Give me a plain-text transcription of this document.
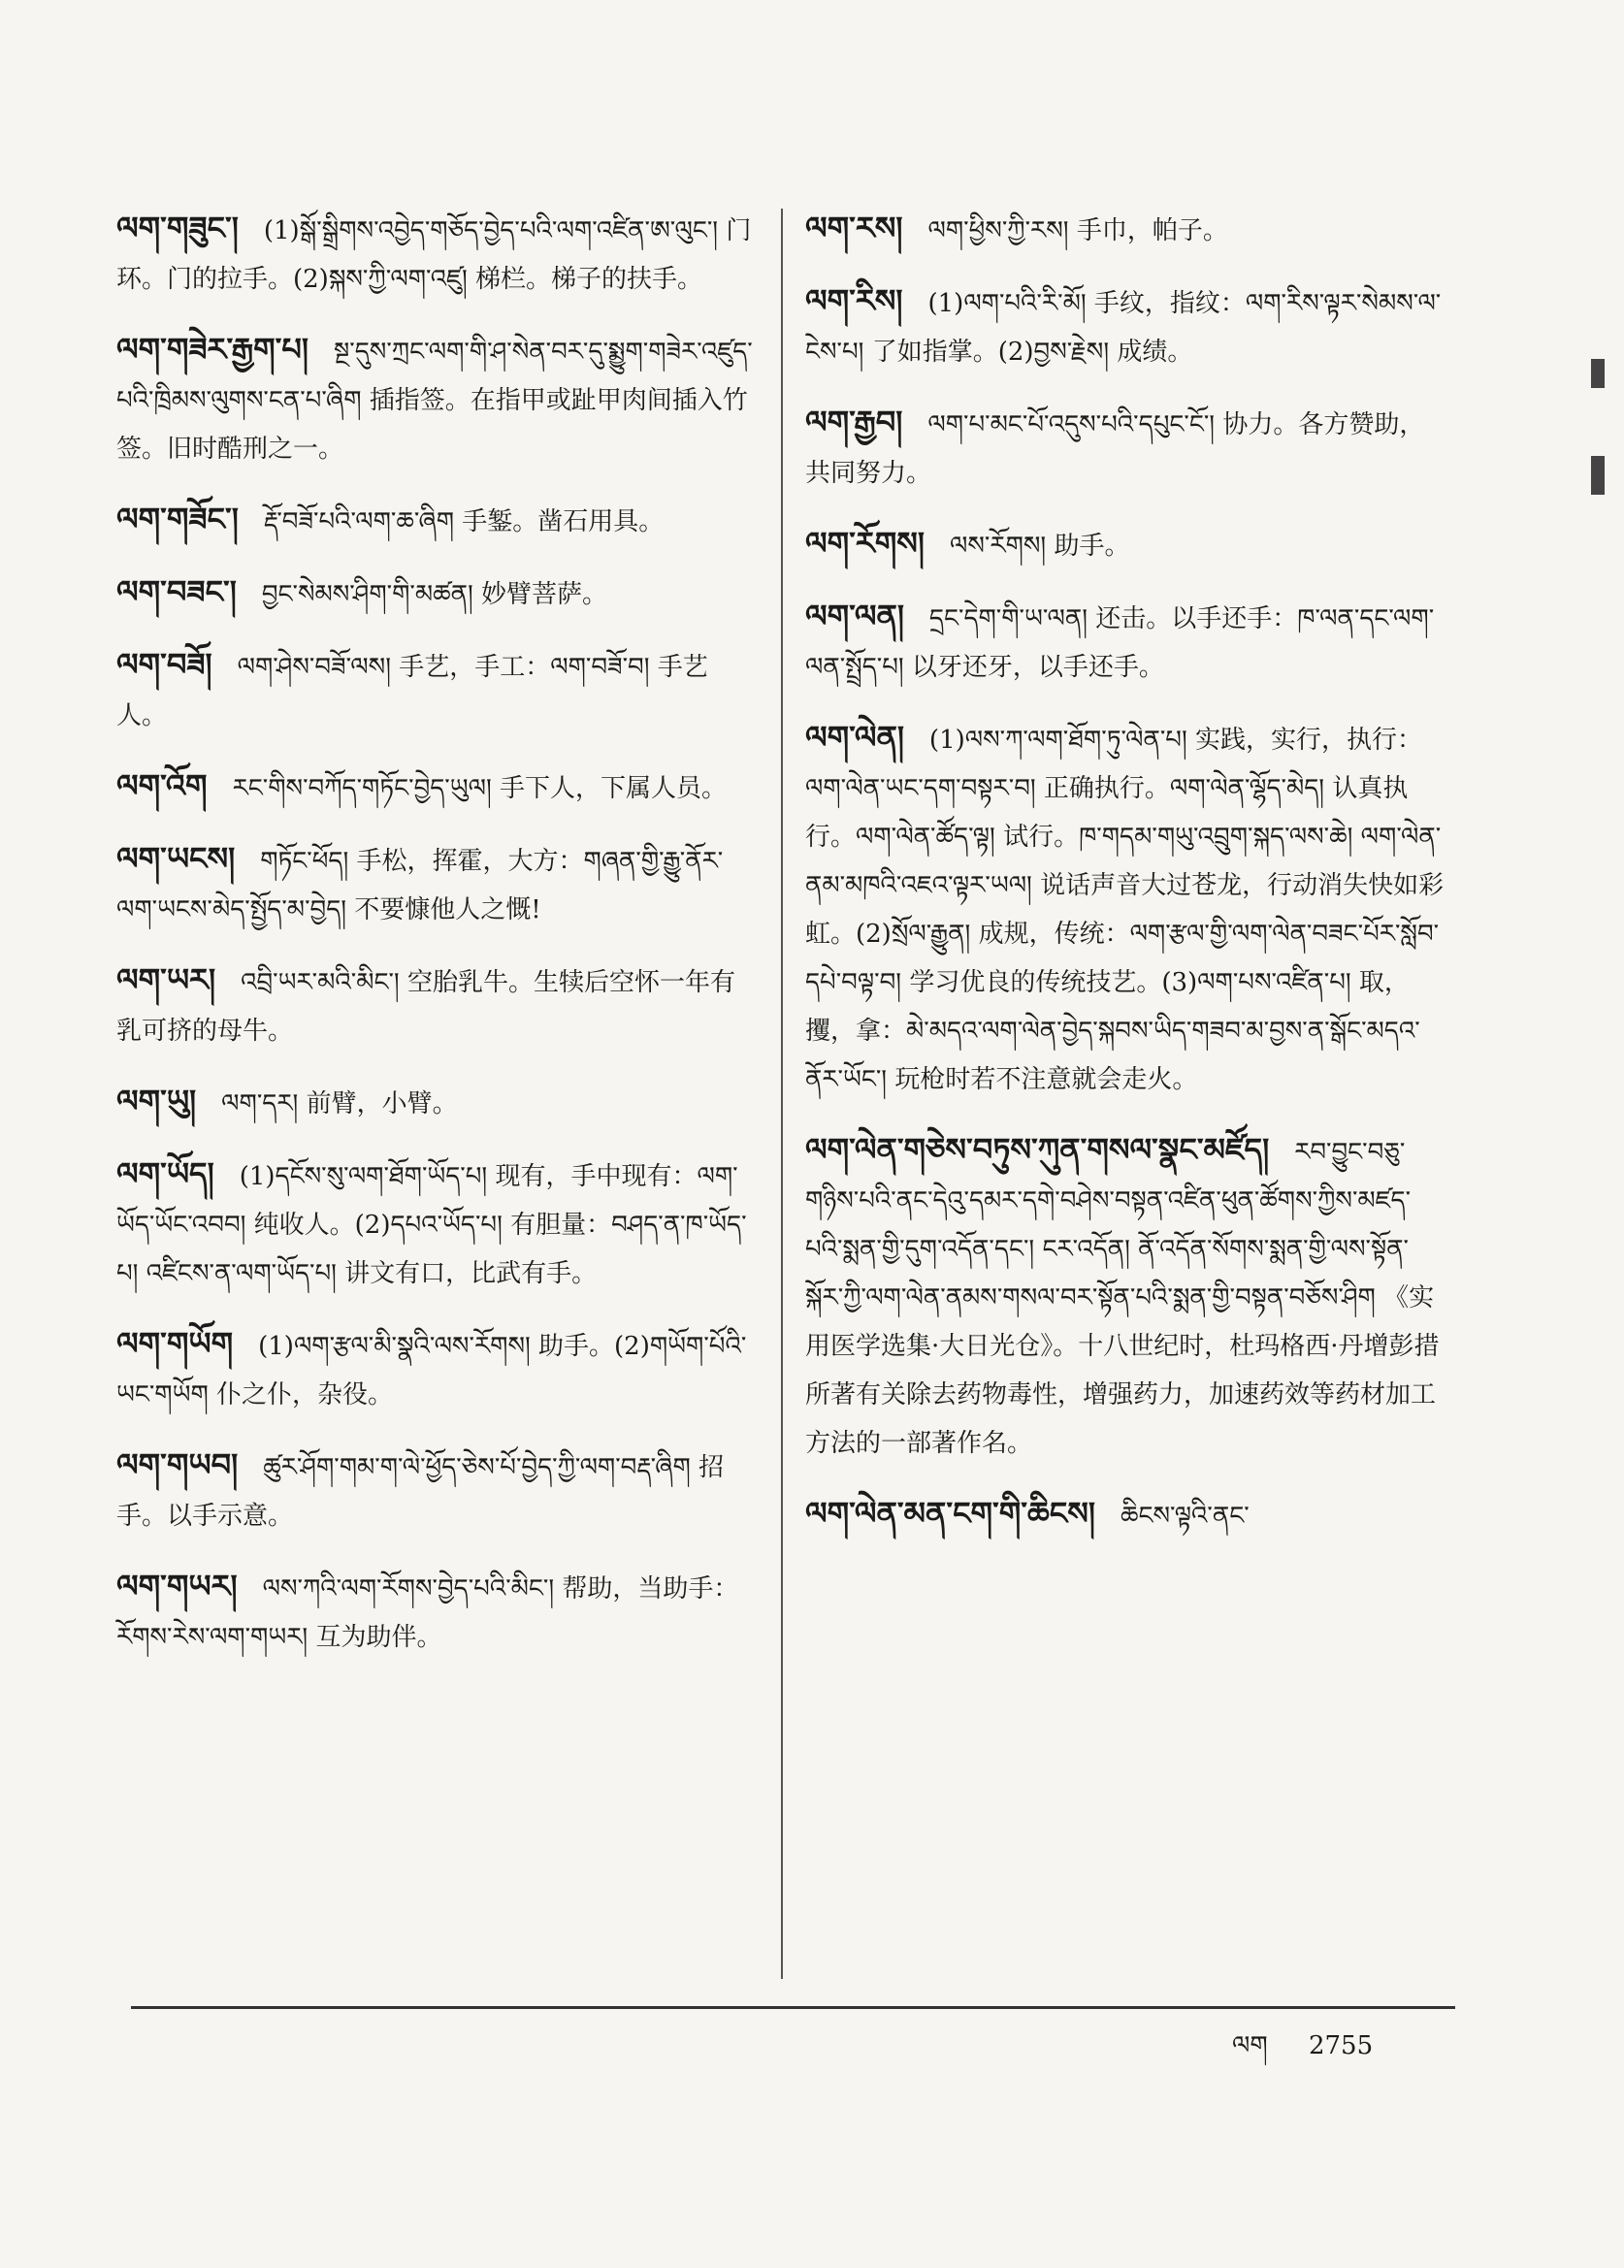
ལག་གཟུང་། (1)སྒོ་སྒྲིགས་འབྱེད་གཅོད་བྱེད་པའི་ལག་འཛིན་ཨ་ལུང་། 门环。门的拉手。(2)སྐས་ཀྱི་ལག་འཛུ། 梯栏。梯子的扶手。
ལག་གཟེར་རྒྱག་པ། སྔ་དུས་ཀྲང་ལག་གི་ཤ་སེན་བར་དུ་སྨྱུག་གཟེར་འཛུད་པའི་ཁྲིམས་ལུགས་ངན་པ་ཞིག 插指签。在指甲或趾甲肉间插入竹签。旧时酷刑之一。
ལག་གཟོང་། རྡོ་བཟོ་པའི་ལག་ཆ་ཞིག 手錾。凿石用具。
ལག་བཟང་། བྱང་སེམས་ཤིག་གི་མཚན། 妙臂菩萨。
ལག་བཟོ། ལག་ཤེས་བཟོ་ལས། 手艺，手工：ལག་བཟོ་བ། 手艺人。
ལག་འོག རང་གིས་བཀོད་གཏོང་བྱེད་ཡུལ། 手下人，下属人员。
ལག་ཡངས། གཏོང་ཕོད། 手松，挥霍，大方：གཞན་གྱི་རྒྱུ་ནོར་ལག་ཡངས་མེད་སྤྱོད་མ་བྱེད། 不要慷他人之慨!
ལག་ཡར། འབྲི་ཡར་མའི་མིང་། 空胎乳牛。生犊后空怀一年有乳可挤的母牛。
ལག་ཡུ། ལག་དར། 前臂，小臂。
ལག་ཡོད། (1)དངོས་སུ་ལག་ཐོག་ཡོད་པ། 现有，手中现有：ལག་ཡོད་ཡོང་འབབ། 纯收人。(2)དཔའ་ཡོད་པ། 有胆量：བཤད་ན་ཁ་ཡོད་པ། འཛིངས་ན་ལག་ཡོད་པ། 讲文有口，比武有手。
ལག་གཡོག (1)ལག་རྩལ་མི་སྣའི་ལས་རོགས། 助手。(2)གཡོག་པོའི་ཡང་གཡོག 仆之仆，杂役。
ལག་གཡབ། ཚུར་ཤོག་གམ་ག་ལེ་ཕྱོད་ཅེས་པོ་བྱེད་ཀྱི་ལག་བརྡ་ཞིག 招手。以手示意。
ལག་གཡར། ལས་ཀའི་ལག་རོགས་བྱེད་པའི་མིང་། 帮助，当助手：རོགས་རེས་ལག་གཡར། 互为助伴。
ལག་རས། ལག་ཕྱིས་ཀྱི་རས། 手巾，帕子。
ལག་རིས། (1)ལག་པའི་རི་མོ། 手纹，指纹：ལག་རིས་ལྟར་སེམས་ལ་ངེས་པ། 了如指掌。(2)བྱས་རྗེས། 成绩。
ལག་རྒྱབ། ལག་པ་མང་པོ་འདུས་པའི་དཔུང་ངོ་། 协力。各方赞助，共同努力。
ལག་རོགས། ལས་རོགས། 助手。
ལག་ལན། དྲང་དེག་གི་ཡ་ལན། 还击。以手还手：ཁ་ལན་དང་ལག་ལན་སྤྲོད་པ། 以牙还牙，以手还手。
ལག་ལེན། (1)ལས་ཀ་ལག་ཐོག་ཏུ་ལེན་པ། 实践，实行，执行：ལག་ལེན་ཡང་དག་བསྟར་བ། 正确执行。ལག་ལེན་ལྷོད་མེད། 认真执行。ལག་ལེན་ཚོད་ལྟ། 试行。ཁ་གདམ་གཡུ་འབྲུག་སྐད་ལས་ཆེ། ལག་ལེན་ནམ་མཁའི་འཇའ་ལྟར་ཡལ། 说话声音大过苍龙，行动消失快如彩虹。(2)སྲོལ་རྒྱུན། 成规，传统：ལག་རྩལ་གྱི་ལག་ལེན་བཟང་པོར་སློབ་དཔེ་བལྟ་བ། 学习优良的传统技艺。(3)ལག་པས་འཛིན་པ། 取，攫，拿：མེ་མདའ་ལག་ལེན་བྱེད་སྐབས་ཡིད་གཟབ་མ་བྱས་ན་སྒོང་མདའ་ནོར་ཡོང་། 玩枪时若不注意就会走火。
ལག་ལེན་གཅེས་བཏུས་ཀུན་གསལ་སྣང་མཛོད། རབ་བྱུང་བཅུ་གཉིས་པའི་ནང་དེའུ་དམར་དགེ་བཤེས་བསྟན་འཛིན་ཕུན་ཚོགས་ཀྱིས་མཛད་པའི་སྨན་གྱི་དུག་འདོན་དང་། ངར་འདོན། ནོ་འདོན་སོགས་སྨན་གྱི་ལས་སྟོན་སྐོར་ཀྱི་ལག་ལེན་ནམས་གསལ་བར་སྟོན་པའི་སྨན་གྱི་བསྟན་བཅོས་ཤིག 《实用医学选集·大日光仓》。十八世纪时，杜玛格西·丹增彭措所著有关除去药物毒性，增强药力，加速药效等药材加工方法的一部著作名。
ལག་ལེན་མན་ངག་གི་ཆིངས། ཆིངས་ལྟའི་ནང་
ལག 2755
